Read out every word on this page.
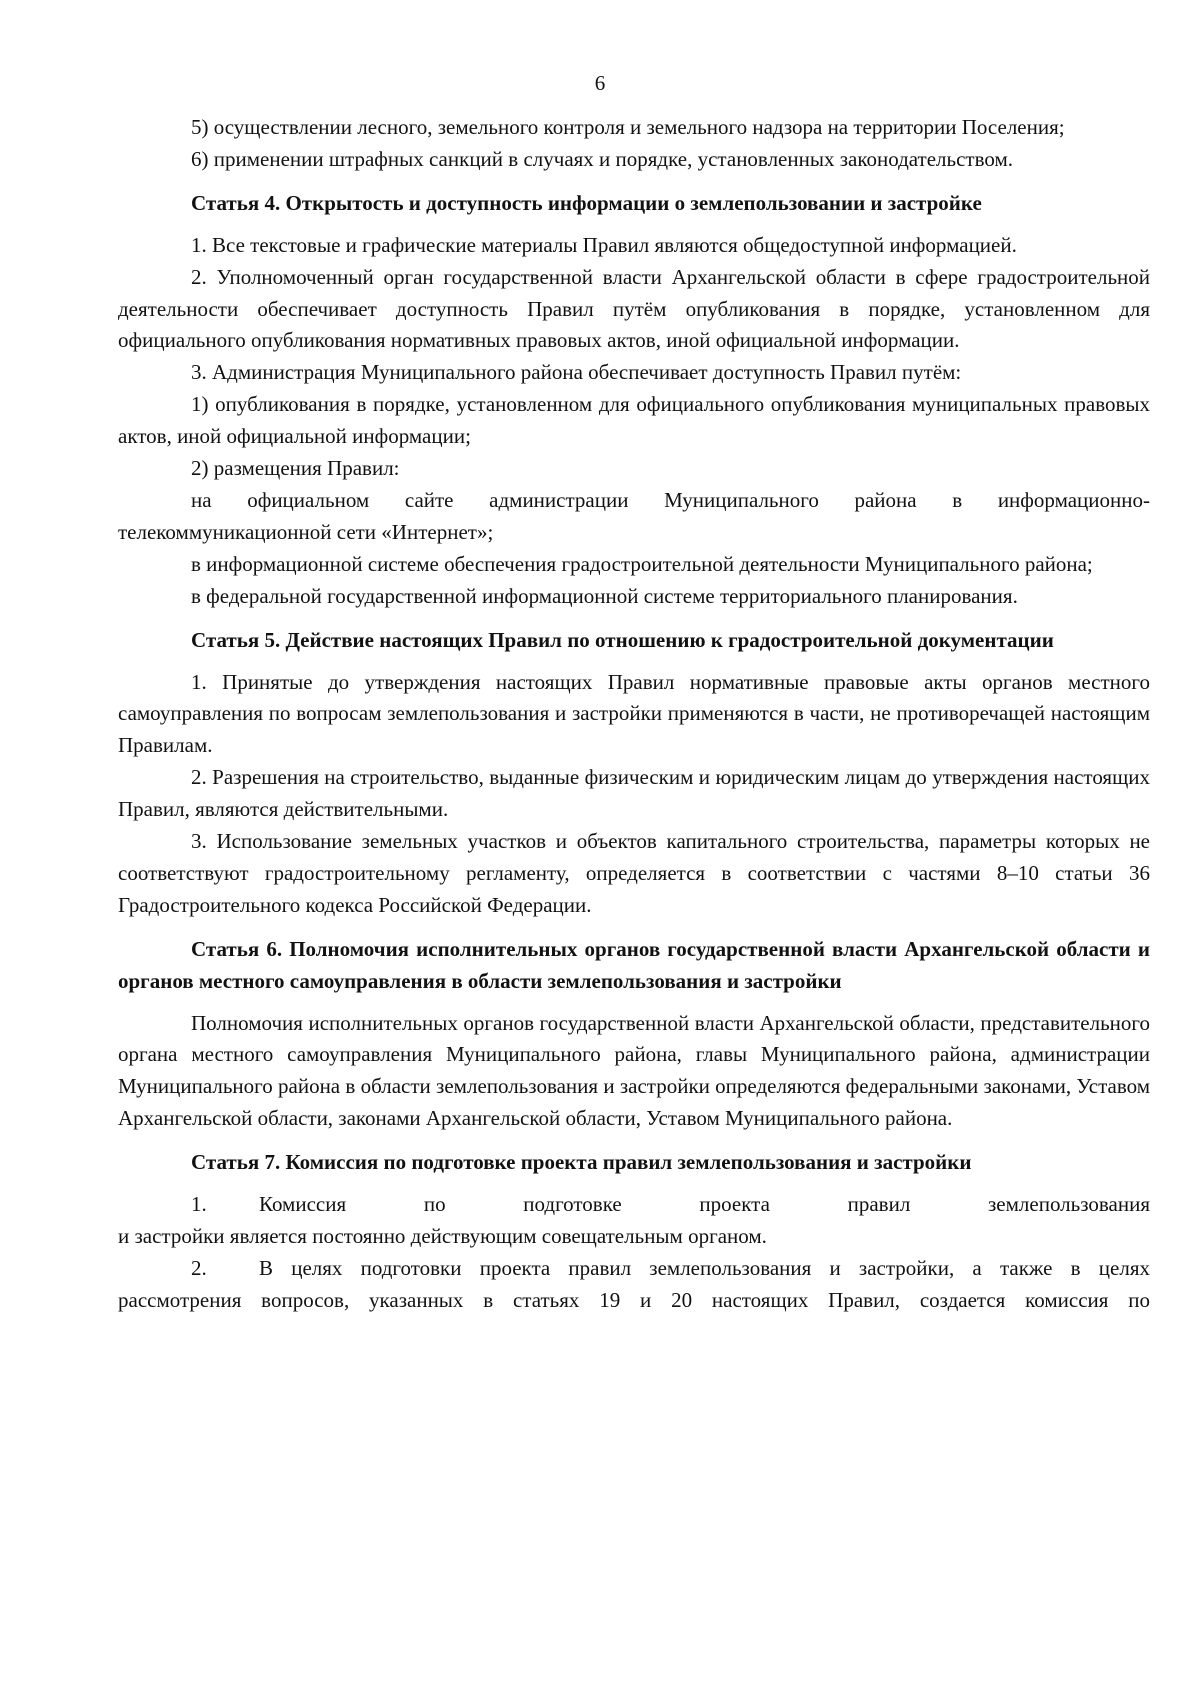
6

5) осуществлении лесного, земельного контроля и земельного надзора на территории Поселения;

6) применении штрафных санкций в случаях и порядке, установленных законодательством.

Статья 4. Открытость и доступность информации о землепользовании и застройке

1. Все текстовые и графические материалы Правил являются общедоступной информацией.

2. Уполномоченный орган государственной власти Архангельской области в сфере градостроительной деятельности обеспечивает доступность Правил путём опубликования в порядке, установленном для официального опубликования нормативных правовых актов, иной официальной информации.

3. Администрация Муниципального района обеспечивает доступность Правил путём:

1) опубликования в порядке, установленном для официального опубликования муниципальных правовых актов, иной официальной информации;

2) размещения Правил:

на официальном сайте администрации Муниципального района в информационно-телекоммуникационной сети «Интернет»;

в информационной системе обеспечения градостроительной деятельности Муниципального района;

в федеральной государственной информационной системе территориального планирования.

Статья 5. Действие настоящих Правил по отношению к градостроительной документации

1. Принятые до утверждения настоящих Правил нормативные правовые акты органов местного самоуправления по вопросам землепользования и застройки применяются в части, не противоречащей настоящим Правилам.

2. Разрешения на строительство, выданные физическим и юридическим лицам до утверждения настоящих Правил, являются действительными.

3. Использование земельных участков и объектов капитального строительства, параметры которых не соответствуют градостроительному регламенту, определяется в соответствии с частями 8–10 статьи 36 Градостроительного кодекса Российской Федерации.

Статья 6. Полномочия исполнительных органов государственной власти Архангельской области и органов местного самоуправления в области землепользования и застройки

Полномочия исполнительных органов государственной власти Архангельской области, представительного органа местного самоуправления Муниципального района, главы Муниципального района, администрации Муниципального района в области землепользования и застройки определяются федеральными законами, Уставом Архангельской области, законами Архангельской области, Уставом Муниципального района.

Статья 7. Комиссия по подготовке проекта правил землепользования и застройки
1.	Комиссия по подготовке проекта правил землепользования

и застройки является постоянно действующим совещательным органом.

2.	В целях подготовки проекта правил землепользования и застройки, а также в целях

рассмотрения вопросов, указанных в статьях 19 и 20 настоящих Правил, создается комиссия по
